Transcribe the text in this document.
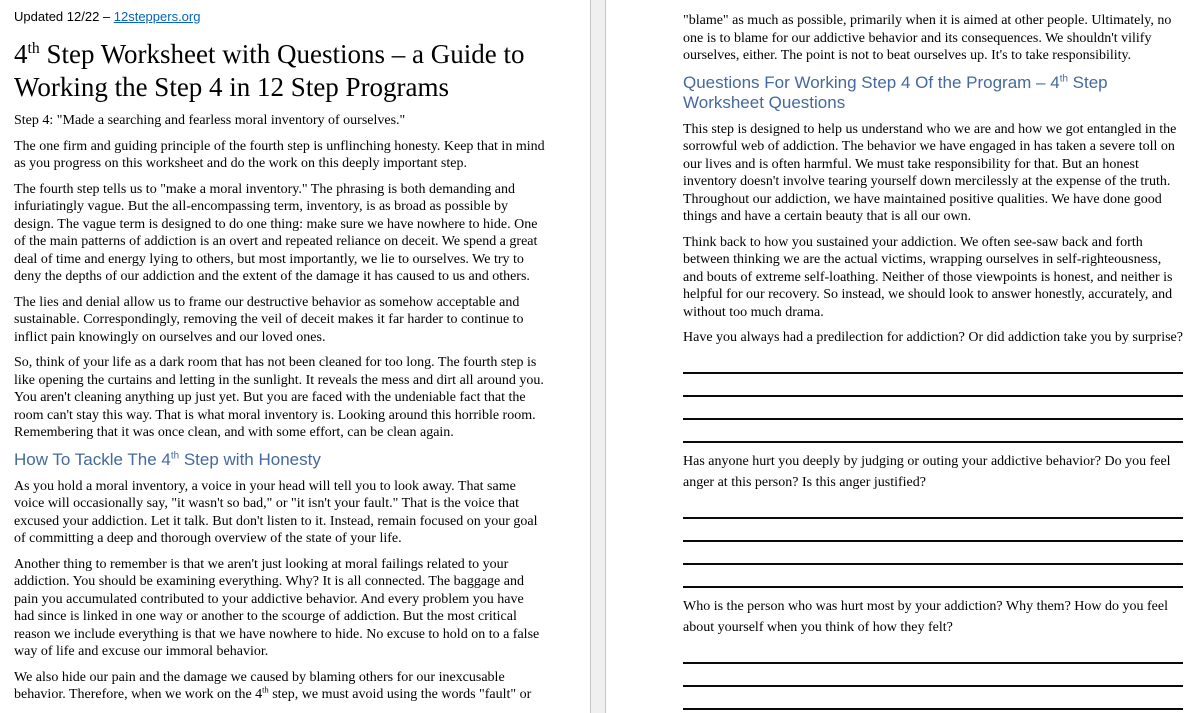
Updated 12/22 – 12steppers.org

4th Step Worksheet with Questions – a Guide to Working the Step 4 in 12 Step Programs

Step 4: "Made a searching and fearless moral inventory of ourselves."

The one firm and guiding principle of the fourth step is unflinching honesty. Keep that in mind as you progress on this worksheet and do the work on this deeply important step.

The fourth step tells us to "make a moral inventory." The phrasing is both demanding and infuriatingly vague. But the all-encompassing term, inventory, is as broad as possible by design. The vague term is designed to do one thing: make sure we have nowhere to hide. One of the main patterns of addiction is an overt and repeated reliance on deceit. We spend a great deal of time and energy lying to others, but most importantly, we lie to ourselves. We try to deny the depths of our addiction and the extent of the damage it has caused to us and others.

The lies and denial allow us to frame our destructive behavior as somehow acceptable and sustainable. Correspondingly, removing the veil of deceit makes it far harder to continue to inflict pain knowingly on ourselves and our loved ones.

So, think of your life as a dark room that has not been cleaned for too long. The fourth step is like opening the curtains and letting in the sunlight. It reveals the mess and dirt all around you. You aren't cleaning anything up just yet. But you are faced with the undeniable fact that the room can't stay this way. That is what moral inventory is. Looking around this horrible room. Remembering that it was once clean, and with some effort, can be clean again.

How To Tackle The 4th Step with Honesty

As you hold a moral inventory, a voice in your head will tell you to look away. That same voice will occasionally say, "it wasn't so bad," or "it isn't your fault." That is the voice that excused your addiction. Let it talk. But don't listen to it. Instead, remain focused on your goal of committing a deep and thorough overview of the state of your life.

Another thing to remember is that we aren't just looking at moral failings related to your addiction. You should be examining everything. Why? It is all connected. The baggage and pain you accumulated contributed to your addictive behavior. And every problem you have had since is linked in one way or another to the scourge of addiction. But the most critical reason we include everything is that we have nowhere to hide. No excuse to hold on to a false way of life and excuse our immoral behavior.

We also hide our pain and the damage we caused by blaming others for our inexcusable behavior. Therefore, when we work on the 4th step, we must avoid using the words "fault" or

"blame" as much as possible, primarily when it is aimed at other people. Ultimately, no one is to blame for our addictive behavior and its consequences. We shouldn't vilify ourselves, either. The point is not to beat ourselves up. It's to take responsibility.

Questions For Working Step 4 Of the Program – 4th Step Worksheet Questions

This step is designed to help us understand who we are and how we got entangled in the sorrowful web of addiction. The behavior we have engaged in has taken a severe toll on our lives and is often harmful. We must take responsibility for that. But an honest inventory doesn't involve tearing yourself down mercilessly at the expense of the truth. Throughout our addiction, we have maintained positive qualities. We have done good things and have a certain beauty that is all our own.

Think back to how you sustained your addiction. We often see-saw back and forth between thinking we are the actual victims, wrapping ourselves in self-righteousness, and bouts of extreme self-loathing. Neither of those viewpoints is honest, and neither is helpful for our recovery. So instead, we should look to answer honestly, accurately, and without too much drama.

Have you always had a predilection for addiction? Or did addiction take you by surprise?

Has anyone hurt you deeply by judging or outing your addictive behavior? Do you feel anger at this person? Is this anger justified?

Who is the person who was hurt most by your addiction? Why them? How do you feel about yourself when you think of how they felt?
